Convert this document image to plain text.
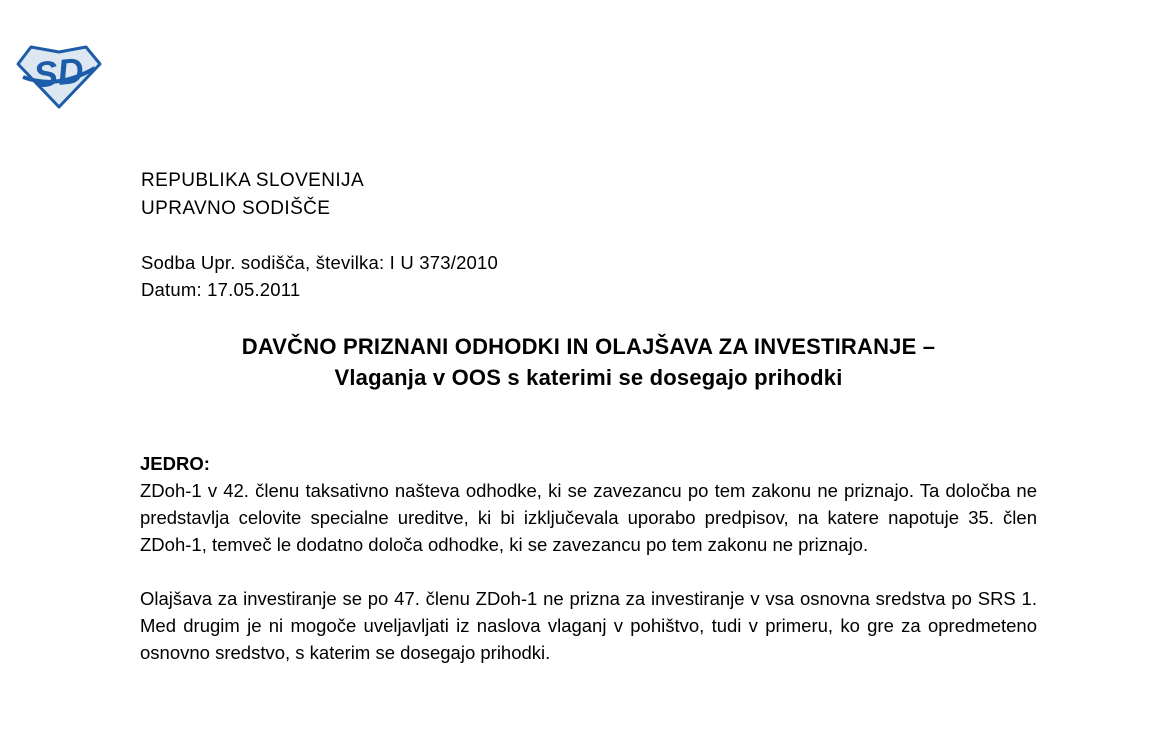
SD
REPUBLIKA SLOVENIJA
UPRAVNO SODIŠČE
Sodba Upr. sodišča, številka: I U 373/2010
Datum: 17.05.2011
DAVČNO PRIZNANI ODHODKI IN OLAJŠAVA ZA INVESTIRANJE –
Vlaganja v OOS s katerimi se dosegajo prihodki
JEDRO:
ZDoh-1 v 42. členu taksativno našteva odhodke, ki se zavezancu po tem zakonu ne priznajo. Ta določba ne predstavlja celovite specialne ureditve, ki bi izključevala uporabo predpisov, na katere napotuje 35. člen ZDoh-1, temveč le dodatno določa odhodke, ki se zavezancu po tem zakonu ne priznajo.
Olajšava za investiranje se po 47. členu ZDoh-1 ne prizna za investiranje v vsa osnovna sredstva po SRS 1. Med drugim je ni mogoče uveljavljati iz naslova vlaganj v pohištvo, tudi v primeru, ko gre za opredmeteno osnovno sredstvo, s katerim se dosegajo prihodki.
